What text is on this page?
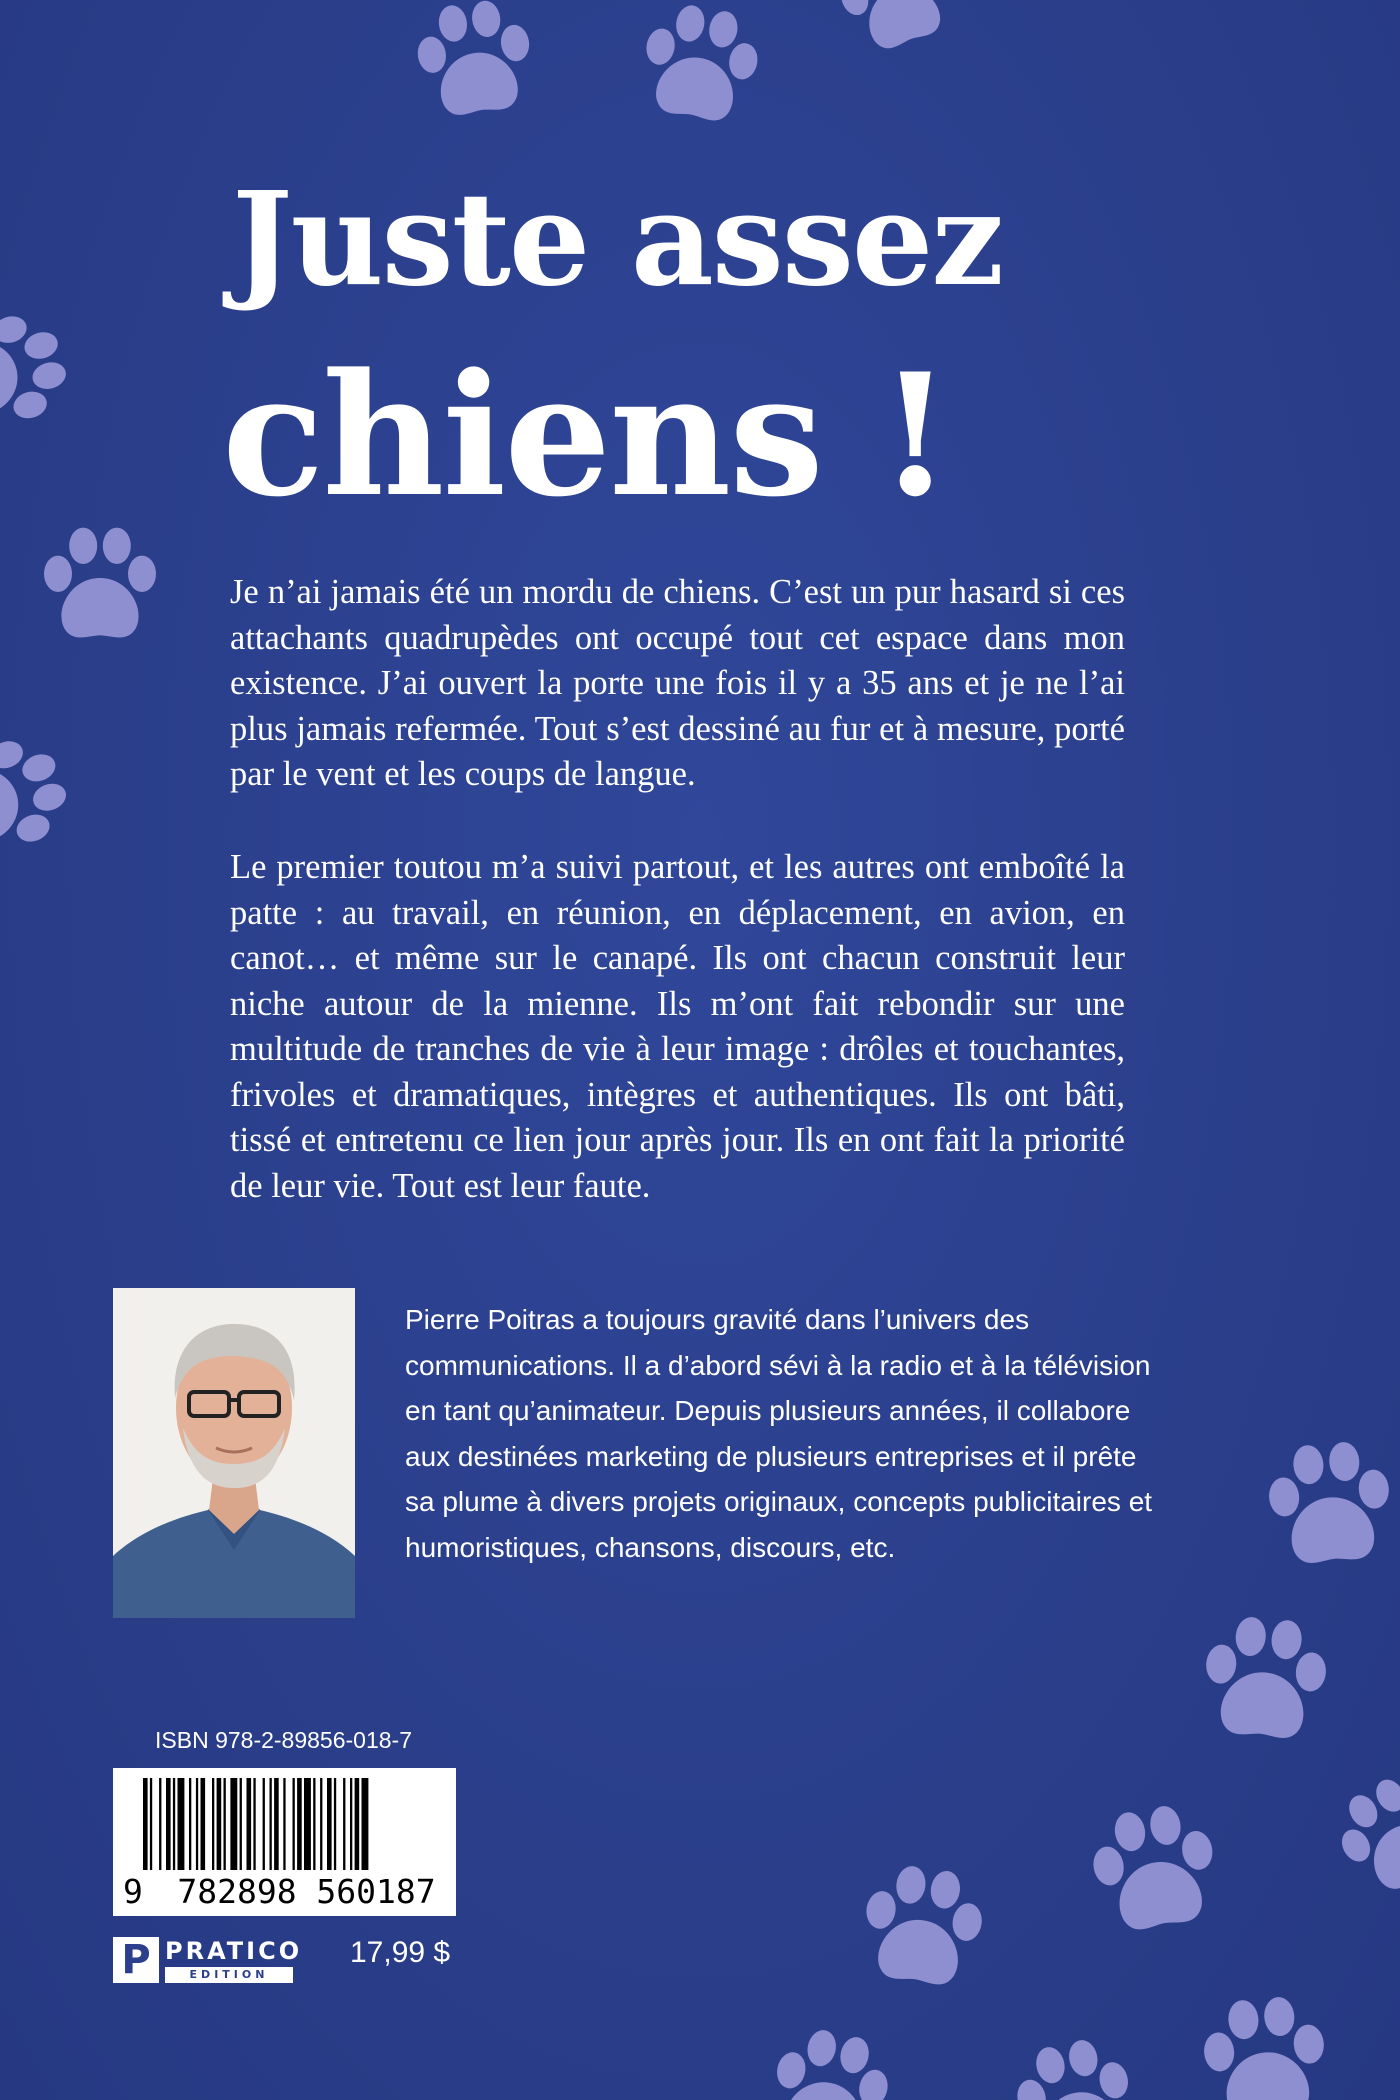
Juste assez
chiens !

Je n’ai jamais été un mordu de chiens. C’est un pur hasard si ces attachants quadrupèdes ont occupé tout cet espace dans mon existence. J’ai ouvert la porte une fois il y a 35 ans et je ne l’ai plus jamais refermée. Tout s’est dessiné au fur et à mesure, porté par le vent et les coups de langue.

Le premier toutou m’a suivi partout, et les autres ont emboîté la patte : au travail, en réunion, en déplacement, en avion, en canot… et même sur le canapé. Ils ont chacun construit leur niche autour de la mienne. Ils m’ont fait rebondir sur une multitude de tranches de vie à leur image : drôles et touchantes, frivoles et dramatiques, intègres et authentiques. Ils ont bâti, tissé et entretenu ce lien jour après jour. Ils en ont fait la priorité de leur vie. Tout est leur faute.

Pierre Poitras a toujours gravité dans l’univers des communications. Il a d’abord sévi à la radio et à la télévision en tant qu’animateur. Depuis plusieurs années, il collabore aux destinées marketing de plusieurs entreprises et il prête sa plume à divers projets originaux, concepts publicitaires et humoristiques, chansons, discours, etc.

ISBN 978-2-89856-018-7
9	782898 560187
P PRATICO
EDITION
17,99 $
